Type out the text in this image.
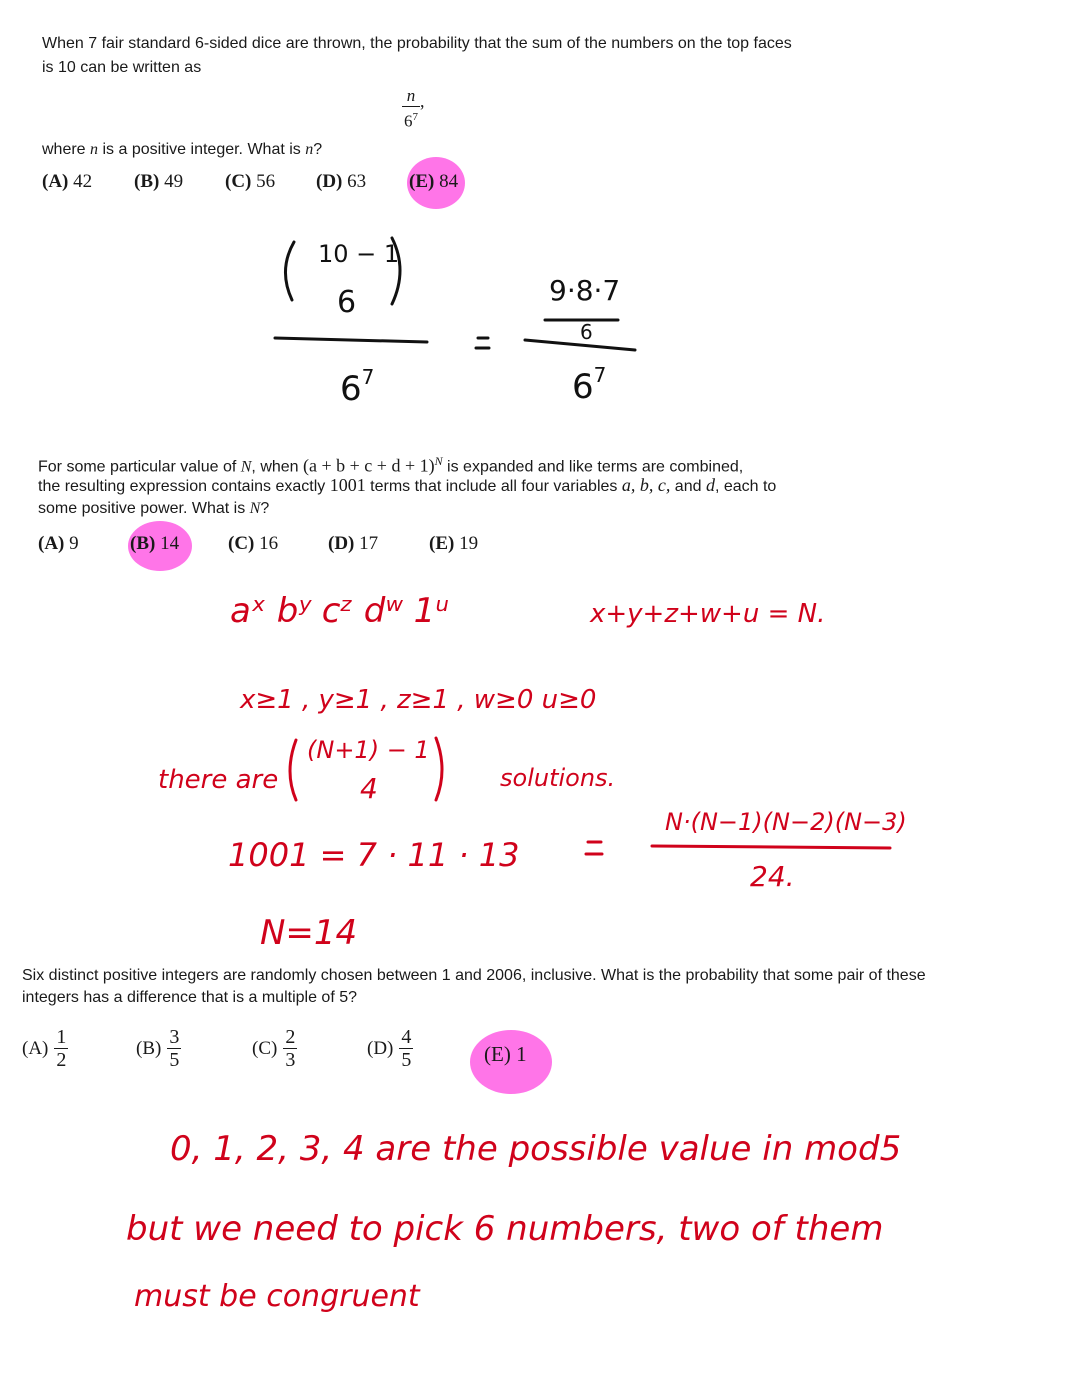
When 7 fair standard 6-sided dice are thrown, the probability that the sum of the numbers on the top faces
is 10 can be written as
$\frac{n}{6^7}$ ,
where n is a positive integer. What is n?
(A) 42 (B) 49 (C) 56 (D) 63 (E) 84
10 − 1
6
$6^7$
9·8·7
6
$6^7$
For some particular value of N, when $(a + b + c + d + 1)^N$ is expanded and like terms are combined,
the resulting expression contains exactly 1001 terms that include all four variables a, b, c, and d, each to
some positive power. What is N?
(A) 9	(B) 14	(C) 16	(D) 17	(E) 19
aˣ bʸ cᶻ dʷ 1ᵘ	x+y+z+w+u = N.
x≥1 , y≥1 , z≥1 , w≥0 u≥0
there are
(N+1) − 1
4	solutions.
1001 = 7 · 11 · 13
N·(N−1)(N−2)(N−3)
24.
N=14
Six distinct positive integers are randomly chosen between 1 and 2006, inclusive. What is the probability that some pair of these
integers has a difference that is a multiple of 5?
$(A) \frac{1}{2}$	$(B) \frac{3}{5}$	$(C) \frac{2}{3}$	$(D) \frac{4}{5}$	(E) 1
0, 1, 2, 3, 4 are the possible value in mod5
but we need to pick 6 numbers, two of them
must be congruent
